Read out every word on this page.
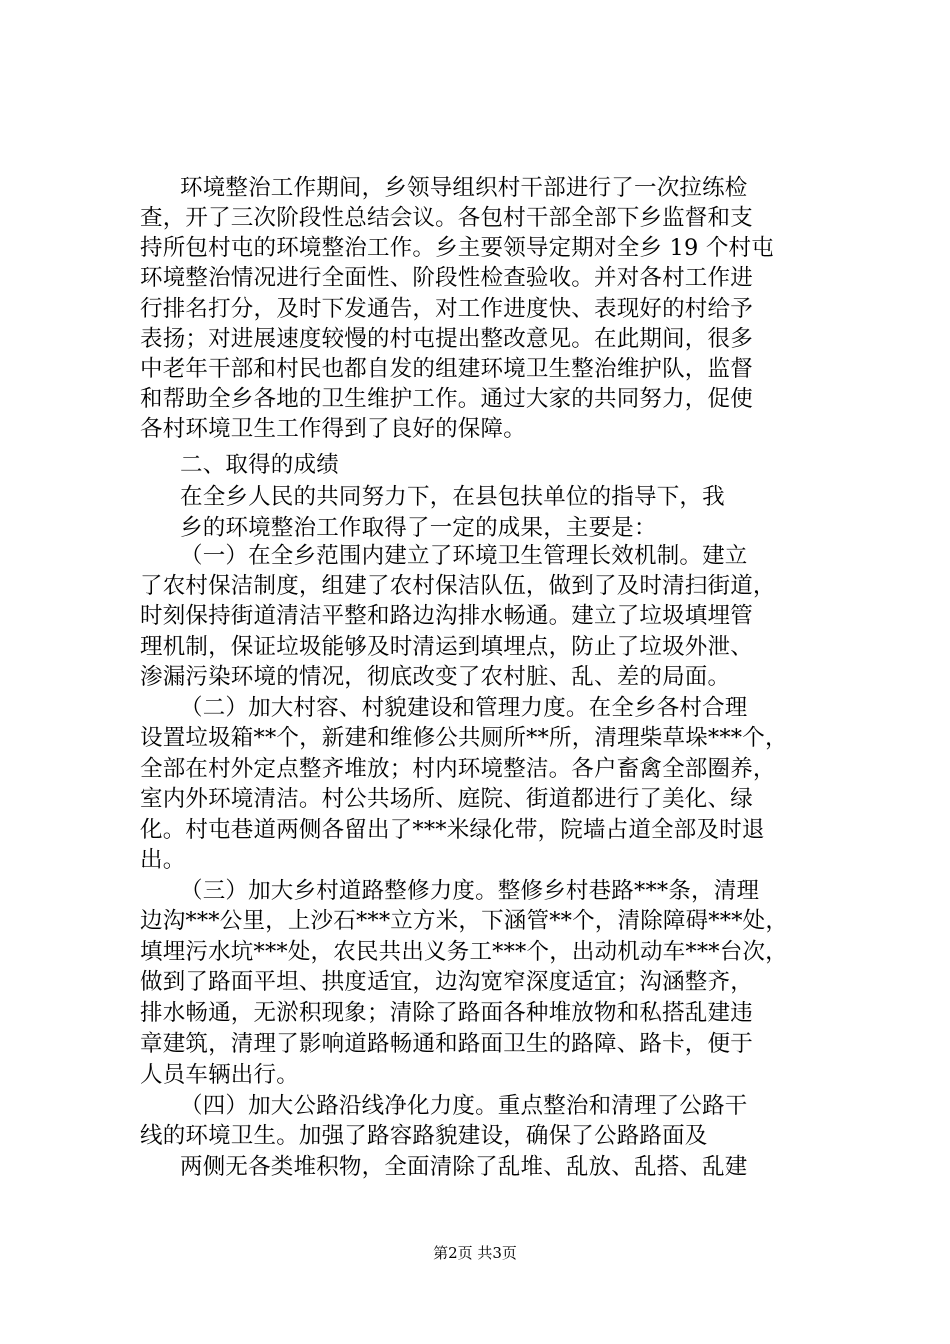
环境整治工作期间，乡领导组织村干部进行了一次拉练检
查，开了三次阶段性总结会议。各包村干部全部下乡监督和支
持所包村屯的环境整治工作。乡主要领导定期对全乡 19 个村屯
环境整治情况进行全面性、阶段性检查验收。并对各村工作进
行排名打分，及时下发通告，对工作进度快、表现好的村给予
表扬；对进展速度较慢的村屯提出整改意见。在此期间，很多
中老年干部和村民也都自发的组建环境卫生整治维护队，监督
和帮助全乡各地的卫生维护工作。通过大家的共同努力，促使
各村环境卫生工作得到了良好的保障。
二、取得的成绩
在全乡人民的共同努力下，在县包扶单位的指导下，我
乡的环境整治工作取得了一定的成果，主要是：
（一）在全乡范围内建立了环境卫生管理长效机制。建立
了农村保洁制度，组建了农村保洁队伍，做到了及时清扫街道，
时刻保持街道清洁平整和路边沟排水畅通。建立了垃圾填埋管
理机制，保证垃圾能够及时清运到填埋点，防止了垃圾外泄、
渗漏污染环境的情况，彻底改变了农村脏、乱、差的局面。
（二）加大村容、村貌建设和管理力度。在全乡各村合理
设置垃圾箱**个，新建和维修公共厕所**所，清理柴草垛***个，
全部在村外定点整齐堆放；村内环境整洁。各户畜禽全部圈养，
室内外环境清洁。村公共场所、庭院、街道都进行了美化、绿
化。村屯巷道两侧各留出了***米绿化带，院墙占道全部及时退
出。
（三）加大乡村道路整修力度。整修乡村巷路***条，清理
边沟***公里，上沙石***立方米，下涵管**个，清除障碍***处，
填埋污水坑***处，农民共出义务工***个，出动机动车***台次，
做到了路面平坦、拱度适宜，边沟宽窄深度适宜；沟涵整齐，
排水畅通，无淤积现象；清除了路面各种堆放物和私搭乱建违
章建筑，清理了影响道路畅通和路面卫生的路障、路卡，便于
人员车辆出行。
（四）加大公路沿线净化力度。重点整治和清理了公路干
线的环境卫生。加强了路容路貌建设，确保了公路路面及
两侧无各类堆积物，全面清除了乱堆、乱放、乱搭、乱建
第2页 共3页
